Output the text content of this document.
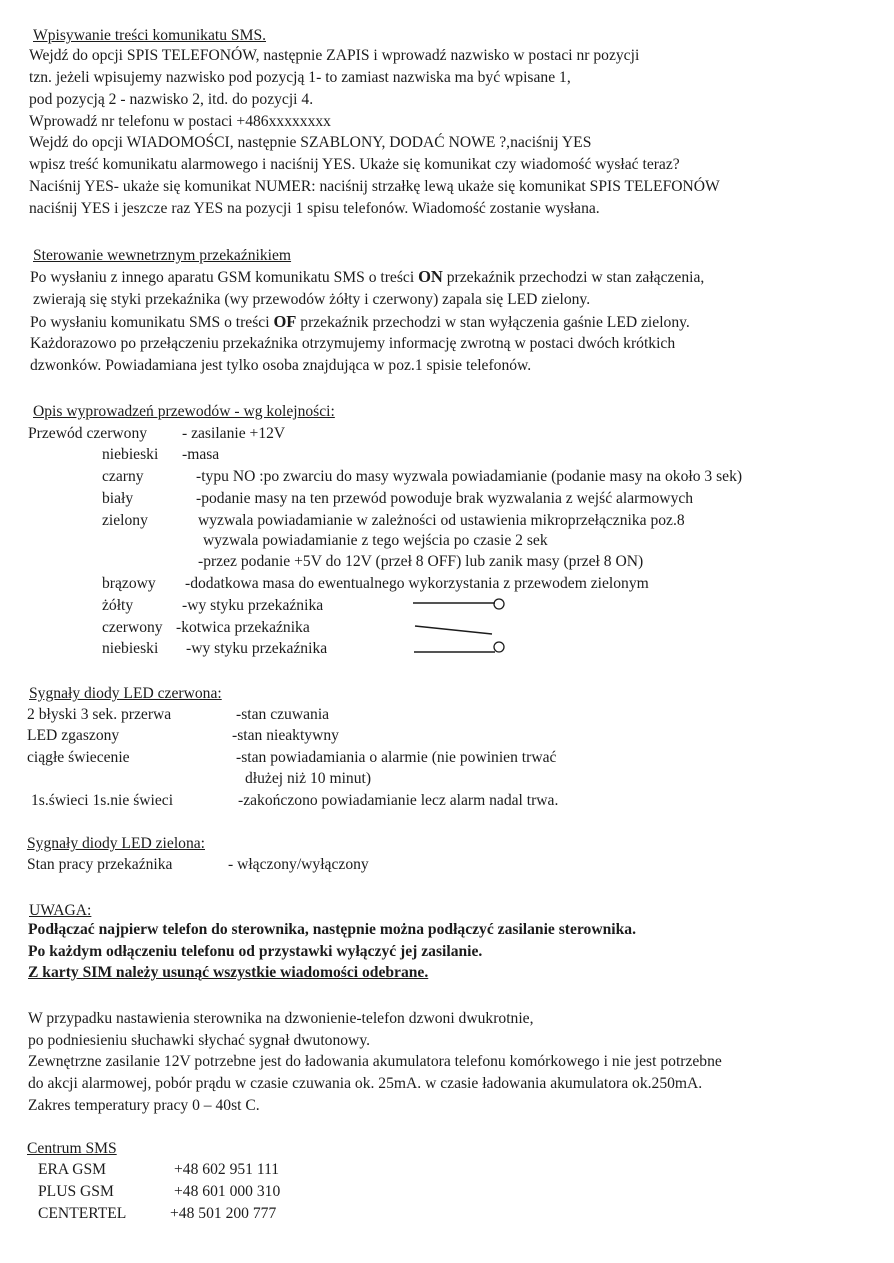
Wpisywanie treści komunikatu SMS.
Wejdź do opcji SPIS TELEFONÓW, następnie ZAPIS i wprowadź nazwisko w postaci nr pozycji
tzn. jeżeli wpisujemy nazwisko pod pozycją 1- to zamiast nazwiska ma być wpisane 1,
pod pozycją 2 - nazwisko 2, itd. do pozycji 4.
Wprowadź nr telefonu w postaci +486xxxxxxxx
Wejdź do opcji WIADOMOŚCI, następnie SZABLONY, DODAĆ NOWE ?,naciśnij YES
wpisz treść komunikatu alarmowego i naciśnij YES. Ukaże się komunikat czy wiadomość wysłać teraz?
Naciśnij YES- ukaże się komunikat NUMER: naciśnij strzałkę lewą ukaże się komunikat SPIS TELEFONÓW
naciśnij YES i jeszcze raz YES na pozycji 1 spisu telefonów. Wiadomość zostanie wysłana.
Sterowanie wewnetrznym przekaźnikiem
Po wysłaniu z innego aparatu GSM komunikatu SMS o treści ON przekaźnik przechodzi w stan załączenia,
zwierają się styki przekaźnika (wy przewodów żółty i czerwony) zapala się LED zielony.
Po wysłaniu komunikatu SMS o treści OF przekaźnik przechodzi w stan wyłączenia gaśnie LED zielony.
Każdorazowo po przełączeniu przekaźnika otrzymujemy informację zwrotną w postaci dwóch krótkich
dzwonków. Powiadamiana jest tylko osoba znajdująca w poz.1 spisie telefonów.
Opis wyprowadzeń przewodów - wg kolejności:
Przewód czerwony - zasilanie +12V
niebieski -masa
czarny	-typu NO :po zwarciu do masy wyzwala powiadamianie (podanie masy na około 3 sek)
biały	-podanie masy na ten przewód powoduje brak wyzwalania z wejść alarmowych
zielony	wyzwala powiadamianie w zależności od ustawienia mikroprzełącznika poz.8
wyzwala powiadamianie z tego wejścia po czasie 2 sek
-przez podanie +5V do 12V (przeł 8 OFF) lub zanik masy (przeł 8 ON)
brązowy -dodatkowa masa do ewentualnego wykorzystania z przewodem zielonym
żółty	-wy styku przekaźnika
czerwony -kotwica przekaźnika
niebieski -wy styku przekaźnika
Sygnały diody LED czerwona:
2 błyski 3 sek. przerwa	-stan czuwania
LED zgaszony	-stan nieaktywny
ciągłe świecenie	-stan powiadamiania o alarmie (nie powinien trwać
dłużej niż 10 minut)
1s.świeci 1s.nie świeci	-zakończono powiadamianie lecz alarm nadal trwa.
Sygnały diody LED zielona:
Stan pracy przekaźnika	- włączony/wyłączony
UWAGA:
Podłączać najpierw telefon do sterownika, następnie można podłączyć zasilanie sterownika.
Po każdym odłączeniu telefonu od przystawki wyłączyć jej zasilanie.
Z karty SIM należy usunąć wszystkie wiadomości odebrane.
W przypadku nastawienia sterownika na dzwonienie-telefon dzwoni dwukrotnie,
po podniesieniu słuchawki słychać sygnał dwutonowy.
Zewnętrzne zasilanie 12V potrzebne jest do ładowania akumulatora telefonu komórkowego i nie jest potrzebne
do akcji alarmowej, pobór prądu w czasie czuwania ok. 25mA. w czasie ładowania akumulatora ok.250mA.
Zakres temperatury pracy 0 – 40st C.
Centrum SMS
ERA GSM	+48 602 951 111
PLUS GSM	+48 601 000 310
CENTERTEL	+48 501 200 777
